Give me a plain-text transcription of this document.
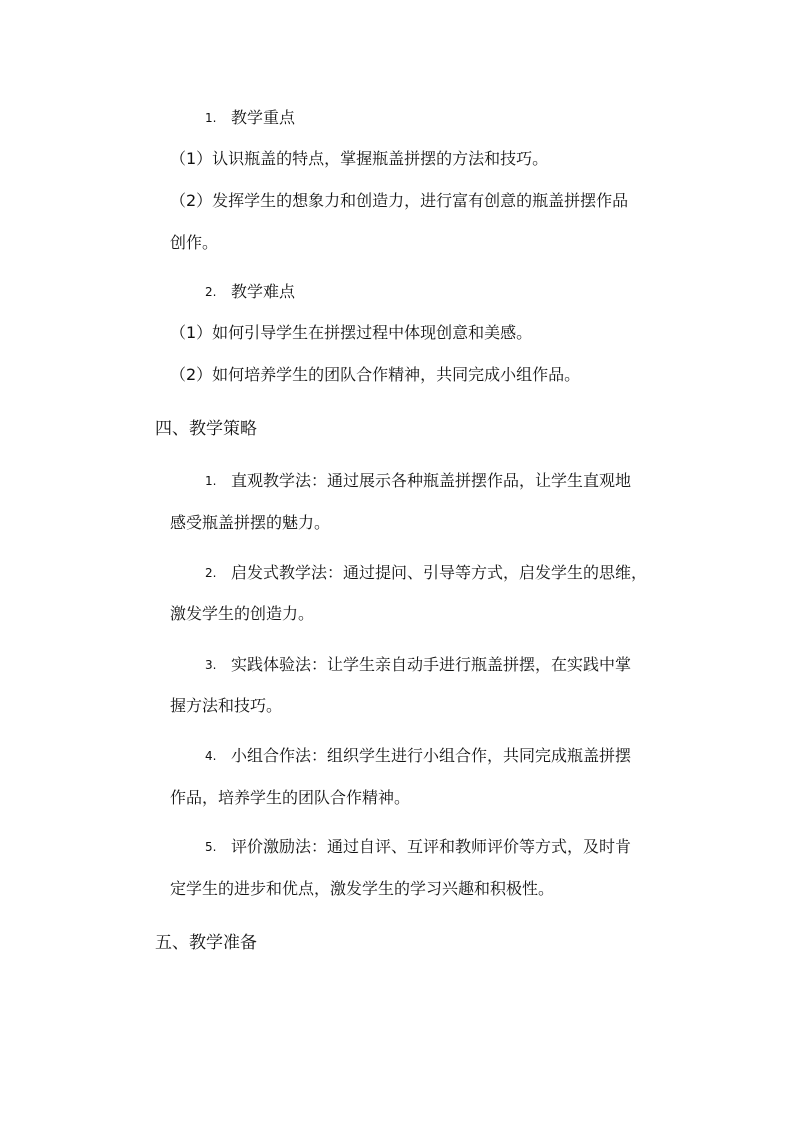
1. 教学重点
（1）认识瓶盖的特点，掌握瓶盖拼摆的方法和技巧。
（2）发挥学生的想象力和创造力，进行富有创意的瓶盖拼摆作品
创作。
2. 教学难点
（1）如何引导学生在拼摆过程中体现创意和美感。
（2）如何培养学生的团队合作精神，共同完成小组作品。
四、教学策略
1. 直观教学法：通过展示各种瓶盖拼摆作品，让学生直观地
感受瓶盖拼摆的魅力。
2. 启发式教学法：通过提问、引导等方式，启发学生的思维，
激发学生的创造力。
3. 实践体验法：让学生亲自动手进行瓶盖拼摆，在实践中掌
握方法和技巧。
4. 小组合作法：组织学生进行小组合作，共同完成瓶盖拼摆
作品，培养学生的团队合作精神。
5. 评价激励法：通过自评、互评和教师评价等方式，及时肯
定学生的进步和优点，激发学生的学习兴趣和积极性。
五、教学准备
